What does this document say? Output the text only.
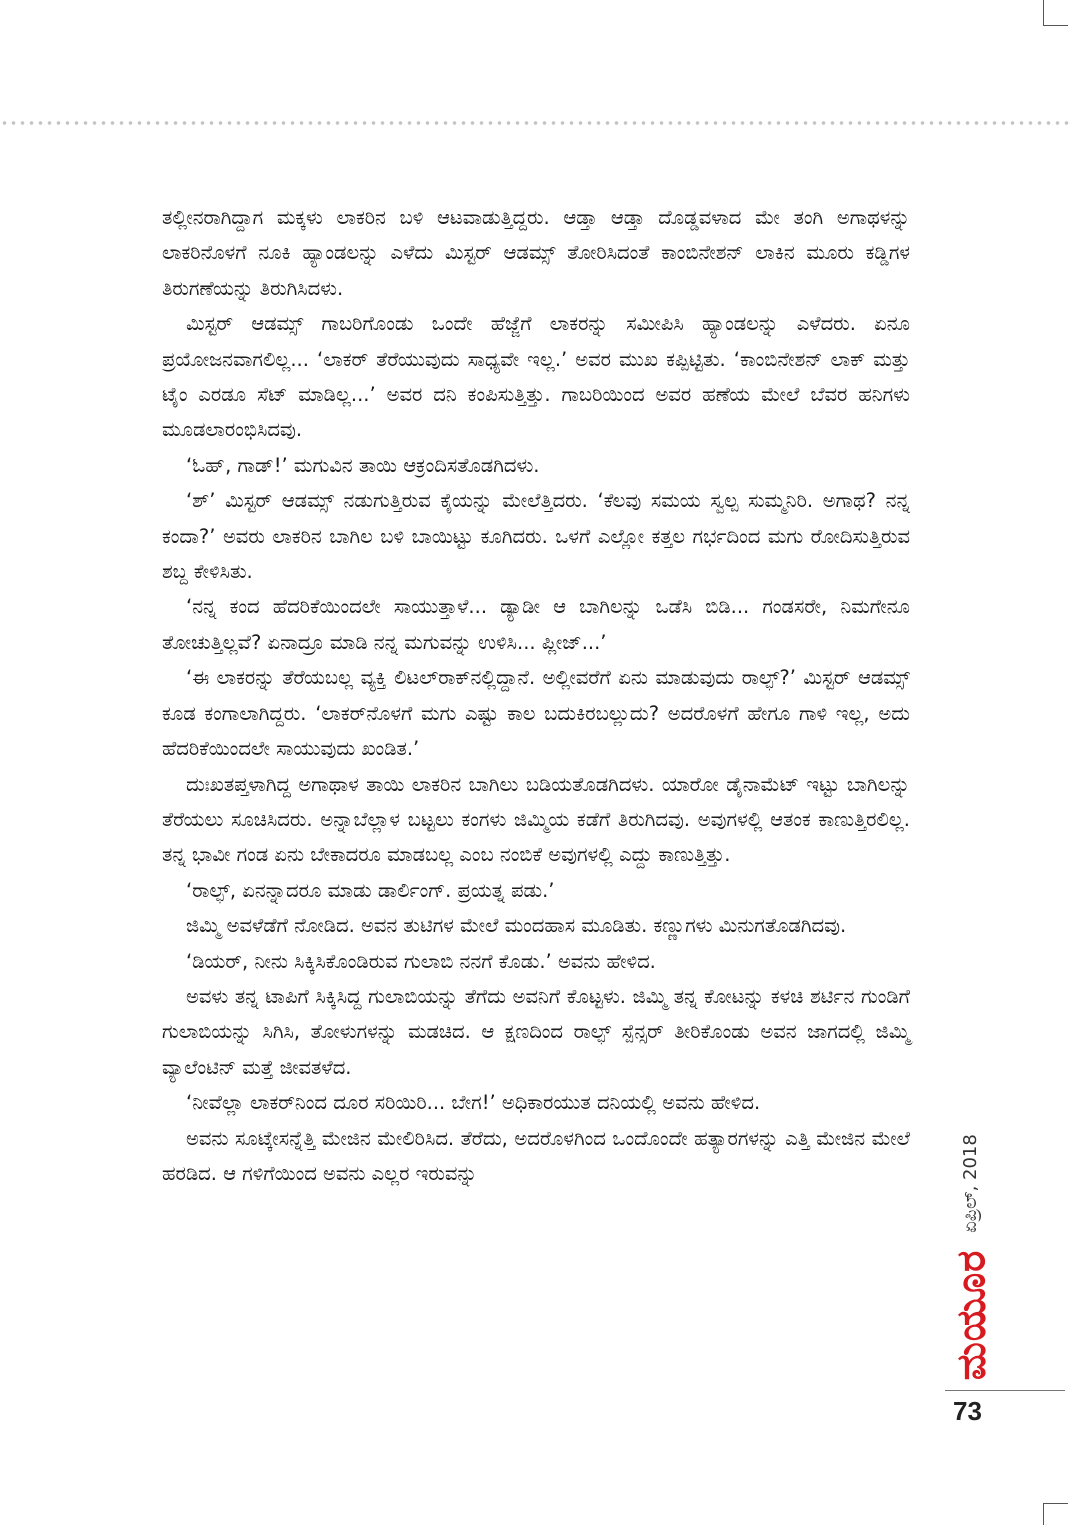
ತಲ್ಲೀನರಾಗಿದ್ದಾಗ ಮಕ್ಕಳು ಲಾಕರಿನ ಬಳಿ ಆಟವಾಡುತ್ತಿದ್ದರು. ಆಡ್ತಾ ಆಡ್ತಾ ದೊಡ್ಡವಳಾದ ಮೇ ತಂಗಿ ಅಗಾಥಳನ್ನು ಲಾಕರಿನೊಳಗೆ ನೂಕಿ ಹ್ಯಾಂಡಲನ್ನು ಎಳೆದು ಮಿಸ್ಟರ್ ಆಡಮ್ಸ್ ತೋರಿಸಿದಂತೆ ಕಾಂಬಿನೇಶನ್ ಲಾಕಿನ ಮೂರು ಕಡ್ಡಿಗಳ ತಿರುಗಣೆಯನ್ನು ತಿರುಗಿಸಿದಳು.

ಮಿಸ್ಟರ್ ಆಡಮ್ಸ್ ಗಾಬರಿಗೊಂಡು ಒಂದೇ ಹೆಜ್ಜೆಗೆ ಲಾಕರನ್ನು ಸಮೀಪಿಸಿ ಹ್ಯಾಂಡಲನ್ನು ಎಳೆದರು. ಏನೂ ಪ್ರಯೋಜನವಾಗಲಿಲ್ಲ... ‘ಲಾಕರ್ ತೆರೆಯುವುದು ಸಾಧ್ಯವೇ ಇಲ್ಲ.’ ಅವರ ಮುಖ ಕಪ್ಪಿಟ್ಟಿತು. ‘ಕಾಂಬಿನೇಶನ್ ಲಾಕ್ ಮತ್ತು ಟೈಂ ಎರಡೂ ಸೆಟ್ ಮಾಡಿಲ್ಲ...’ ಅವರ ದನಿ ಕಂಪಿಸುತ್ತಿತ್ತು. ಗಾಬರಿಯಿಂದ ಅವರ ಹಣೆಯ ಮೇಲೆ ಬೆವರ ಹನಿಗಳು ಮೂಡಲಾರಂಭಿಸಿದವು.

‘ಓಹ್, ಗಾಡ್!’ ಮಗುವಿನ ತಾಯಿ ಆಕ್ರಂದಿಸತೊಡಗಿದಳು.

‘ಶ್’ ಮಿಸ್ಟರ್ ಆಡಮ್ಸ್ ನಡುಗುತ್ತಿರುವ ಕೈಯನ್ನು ಮೇಲೆತ್ತಿದರು. ‘ಕೆಲವು ಸಮಯ ಸ್ವಲ್ಪ ಸುಮ್ಮನಿರಿ. ಅಗಾಥ? ನನ್ನ ಕಂದಾ?’ ಅವರು ಲಾಕರಿನ ಬಾಗಿಲ ಬಳಿ ಬಾಯಿಟ್ಟು ಕೂಗಿದರು. ಒಳಗೆ ಎಲ್ಲೋ ಕತ್ತಲ ಗರ್ಭದಿಂದ ಮಗು ರೋದಿಸುತ್ತಿರುವ ಶಬ್ದ ಕೇಳಿಸಿತು.

‘ನನ್ನ ಕಂದ ಹೆದರಿಕೆಯಿಂದಲೇ ಸಾಯುತ್ತಾಳೆ... ಡ್ಯಾಡೀ ಆ ಬಾಗಿಲನ್ನು ಒಡೆಸಿ ಬಿಡಿ... ಗಂಡಸರೇ, ನಿಮಗೇನೂ ತೋಚುತ್ತಿಲ್ಲವೆ? ಏನಾದ್ರೂ ಮಾಡಿ ನನ್ನ ಮಗುವನ್ನು ಉಳಿಸಿ... ಪ್ಲೀಜ್...’

‘ಈ ಲಾಕರನ್ನು ತೆರೆಯಬಲ್ಲ ವ್ಯಕ್ತಿ ಲಿಟಲ್‌ರಾಕ್‌ನಲ್ಲಿದ್ದಾನೆ. ಅಲ್ಲೀವರೆಗೆ ಏನು ಮಾಡುವುದು ರಾಲ್ಫ್?’ ಮಿಸ್ಟರ್ ಆಡಮ್ಸ್ ಕೂಡ ಕಂಗಾಲಾಗಿದ್ದರು. ‘ಲಾಕರ್‌ನೊಳಗೆ ಮಗು ಎಷ್ಟು ಕಾಲ ಬದುಕಿರಬಲ್ಲುದು? ಅದರೊಳಗೆ ಹೇಗೂ ಗಾಳಿ ಇಲ್ಲ, ಅದು ಹೆದರಿಕೆಯಿಂದಲೇ ಸಾಯುವುದು ಖಂಡಿತ.’

ದುಃಖತಪ್ತಳಾಗಿದ್ದ ಅಗಾಥಾಳ ತಾಯಿ ಲಾಕರಿನ ಬಾಗಿಲು ಬಡಿಯತೊಡಗಿದಳು. ಯಾರೋ ಡೈನಾಮೆಟ್ ಇಟ್ಟು ಬಾಗಿಲನ್ನು ತೆರೆಯಲು ಸೂಚಿಸಿದರು. ಅನ್ನಾಬೆಲ್ಲಾಳ ಬಟ್ಟಲು ಕಂಗಳು ಜಿಮ್ಮಿಯ ಕಡೆಗೆ ತಿರುಗಿದವು. ಅವುಗಳಲ್ಲಿ ಆತಂಕ ಕಾಣುತ್ತಿರಲಿಲ್ಲ. ತನ್ನ ಭಾವೀ ಗಂಡ ಏನು ಬೇಕಾದರೂ ಮಾಡಬಲ್ಲ ಎಂಬ ನಂಬಿಕೆ ಅವುಗಳಲ್ಲಿ ಎದ್ದು ಕಾಣುತ್ತಿತ್ತು.

‘ರಾಲ್ಫ್, ಏನನ್ನಾದರೂ ಮಾಡು ಡಾರ್ಲಿಂಗ್. ಪ್ರಯತ್ನ ಪಡು.’

ಜಿಮ್ಮಿ ಅವಳೆಡೆಗೆ ನೋಡಿದ. ಅವನ ತುಟಿಗಳ ಮೇಲೆ ಮಂದಹಾಸ ಮೂಡಿತು. ಕಣ್ಣುಗಳು ಮಿನುಗತೊಡಗಿದವು.

‘ಡಿಯರ್, ನೀನು ಸಿಕ್ಕಿಸಿಕೊಂಡಿರುವ ಗುಲಾಬಿ ನನಗೆ ಕೊಡು.’ ಅವನು ಹೇಳಿದ.

ಅವಳು ತನ್ನ ಟಾಪಿಗೆ ಸಿಕ್ಕಿಸಿದ್ದ ಗುಲಾಬಿಯನ್ನು ತೆಗೆದು ಅವನಿಗೆ ಕೊಟ್ಟಳು. ಜಿಮ್ಮಿ ತನ್ನ ಕೋಟನ್ನು ಕಳಚಿ ಶರ್ಟಿನ ಗುಂಡಿಗೆ ಗುಲಾಬಿಯನ್ನು ಸಿಗಿಸಿ, ತೋಳುಗಳನ್ನು ಮಡಚಿದ. ಆ ಕ್ಷಣದಿಂದ ರಾಲ್ಫ್ ಸ್ಪೆನ್ಸರ್ ತೀರಿಕೊಂಡು ಅವನ ಜಾಗದಲ್ಲಿ ಜಿಮ್ಮಿ ವ್ಯಾಲೆಂಟಿನ್ ಮತ್ತೆ ಜೀವತಳೆದ.

‘ನೀವೆಲ್ಲಾ ಲಾಕರ್‌ನಿಂದ ದೂರ ಸರಿಯಿರಿ... ಬೇಗ!’ ಅಧಿಕಾರಯುತ ದನಿಯಲ್ಲಿ ಅವನು ಹೇಳಿದ.

ಅವನು ಸೂಟ್ಕೇಸನ್ನೆತ್ತಿ ಮೇಜಿನ ಮೇಲಿರಿಸಿದ. ತೆರೆದು, ಅದರೊಳಗಿಂದ ಒಂದೊಂದೇ ಹತ್ಯಾರಗಳನ್ನು ಎತ್ತಿ ಮೇಜಿನ ಮೇಲೆ ಹರಡಿದ. ಆ ಗಳಿಗೆಯಿಂದ ಅವನು ಎಲ್ಲರ ಇರುವನ್ನು	ಏಪ್ರಿಲ್, 2018
ಮಯೂರ
73
